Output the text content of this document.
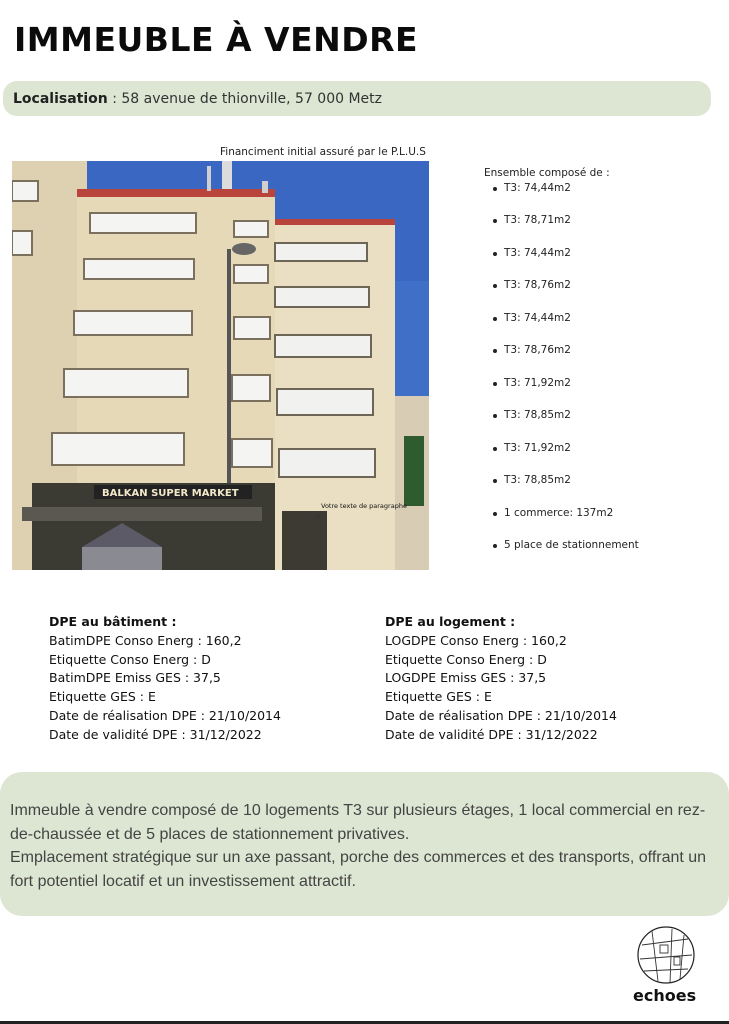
IMMEUBLE À VENDRE
Localisation : 58 avenue de thionville, 57 000 Metz
Financiment initial assuré par le P.L.U.S
BALKAN SUPER MARKET
Votre texte de paragraphe
16
Ensemble composé de :
T3: 74,44m2
T3: 78,71m2
T3: 74,44m2
T3: 78,76m2
T3: 74,44m2
T3: 78,76m2
T3: 71,92m2
T3: 78,85m2
T3: 71,92m2
T3: 78,85m2
1 commerce: 137m2
5 place de stationnement
DPE au bâtiment :
BatimDPE Conso Energ : 160,2
Etiquette Conso Energ : D
BatimDPE Emiss GES : 37,5
Etiquette GES : E
Date de réalisation DPE : 21/10/2014
Date de validité DPE : 31/12/2022
DPE au logement :
LOGDPE Conso Energ : 160,2
Etiquette Conso Energ : D
LOGDPE Emiss GES : 37,5
Etiquette GES : E
Date de réalisation DPE : 21/10/2014
Date de validité DPE : 31/12/2022

Immeuble à vendre composé de 10 logements T3 sur plusieurs étages, 1 local commercial en rez-de-chaussée et de 5 places de stationnement privatives.

Emplacement stratégique sur un axe passant, porche des commerces et des transports, offrant un fort potentiel locatif et un investissement attractif.

echoes
